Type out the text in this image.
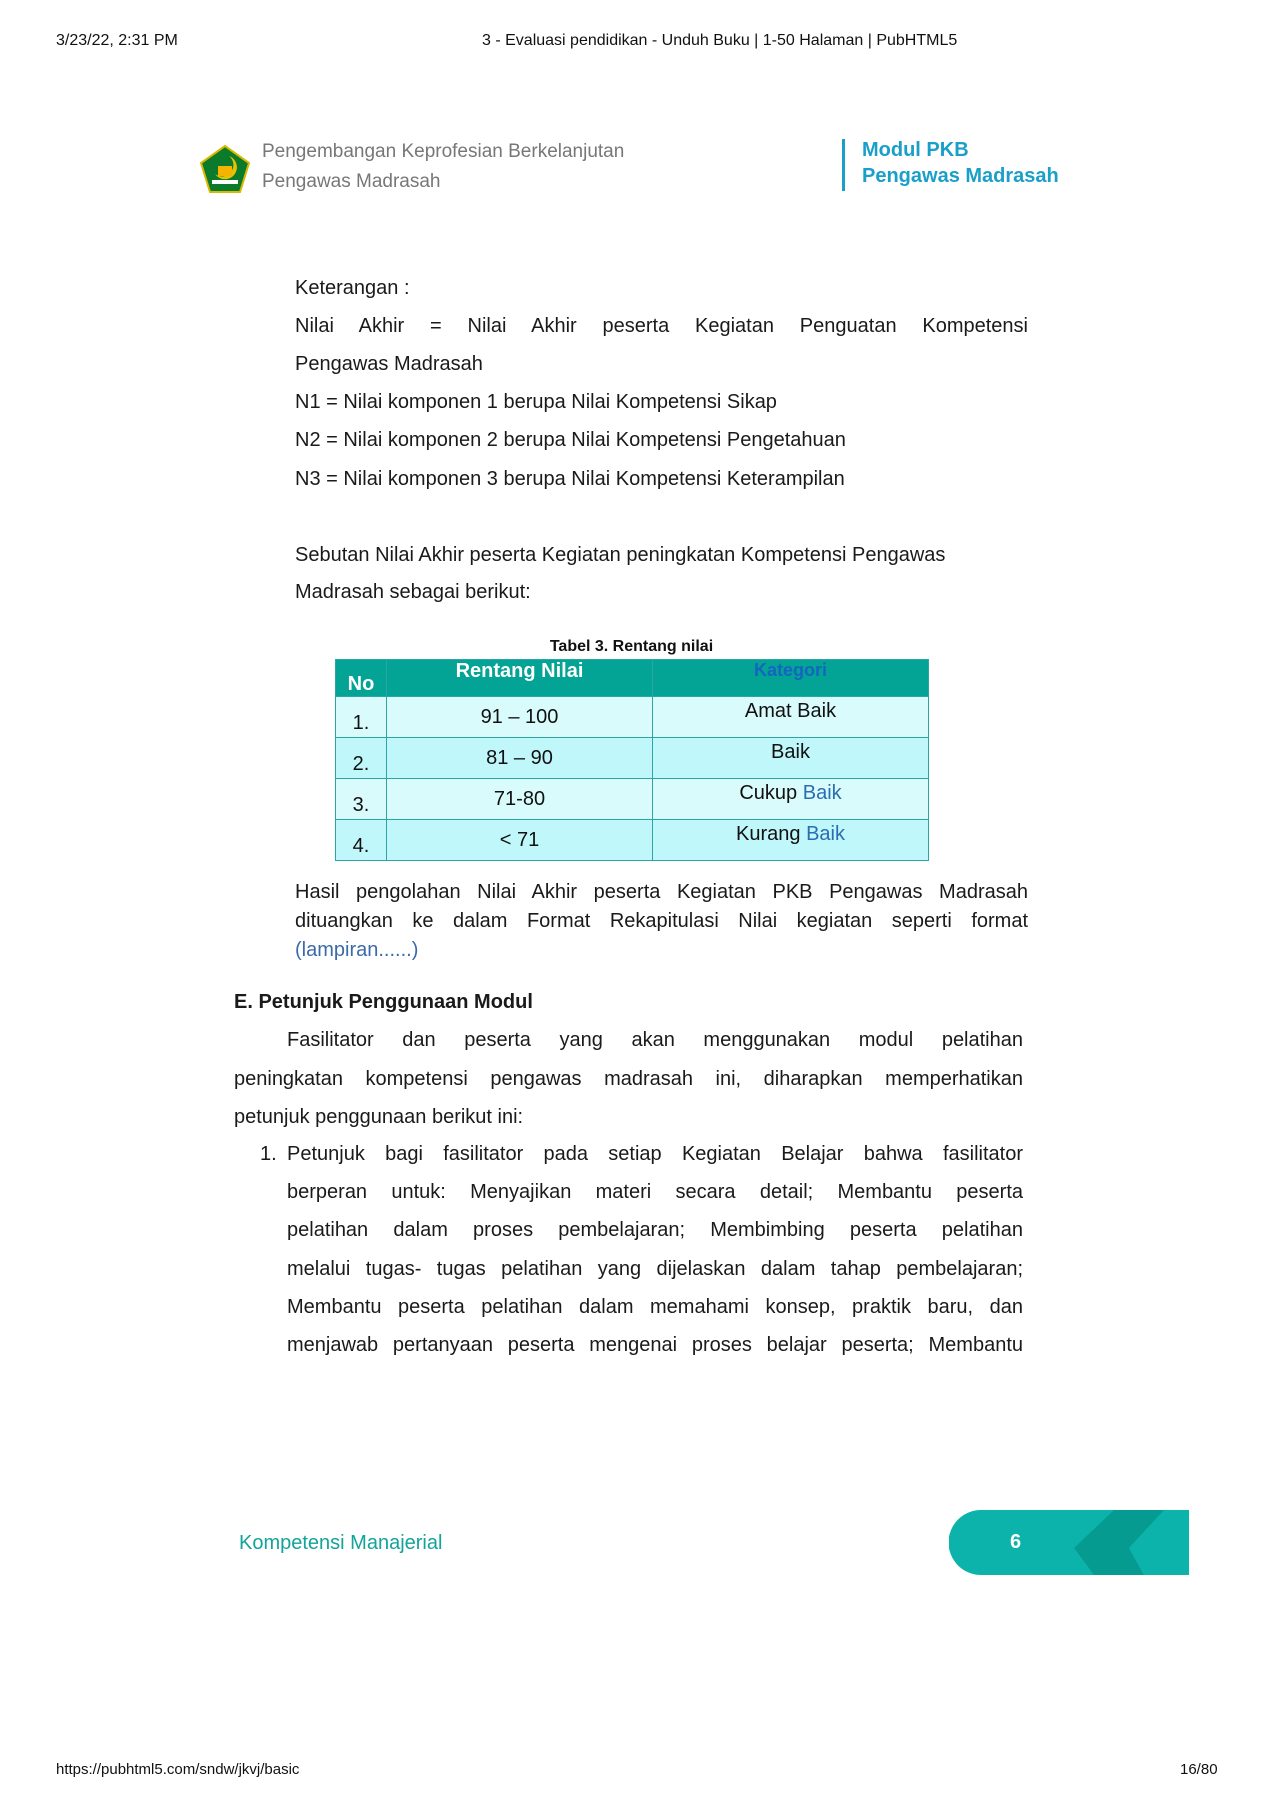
3/23/22, 2:31 PM	3 - Evaluasi pendidikan - Unduh Buku | 1-50 Halaman | PubHTML5
Pengembangan Keprofesian Berkelanjutan
Pengawas Madrasah
Modul PKB
Pengawas Madrasah
Keterangan :
Nilai Akhir = Nilai Akhir peserta Kegiatan Penguatan Kompetensi
Pengawas Madrasah
N1 = Nilai komponen 1 berupa Nilai Kompetensi Sikap
N2 = Nilai komponen 2 berupa Nilai Kompetensi Pengetahuan
N3 = Nilai komponen 3 berupa Nilai Kompetensi Keterampilan
Sebutan Nilai Akhir peserta Kegiatan peningkatan Kompetensi Pengawas
Madrasah sebagai berikut:
Tabel 3. Rentang nilai
No	Rentang Nilai	Kategori
1.	91 – 100	Amat Baik
2.	81 – 90	Baik
3.	71-80	Cukup Baik
4.	< 71	Kurang Baik
Hasil pengolahan Nilai Akhir peserta Kegiatan PKB Pengawas Madrasah
dituangkan ke dalam Format Rekapitulasi Nilai kegiatan seperti format
(lampiran......)
E. Petunjuk Penggunaan Modul
Fasilitator dan peserta yang akan menggunakan modul pelatihan
peningkatan kompetensi pengawas madrasah ini, diharapkan memperhatikan
petunjuk penggunaan berikut ini:
1. Petunjuk bagi fasilitator pada setiap Kegiatan Belajar bahwa fasilitator
berperan untuk: Menyajikan materi secara detail; Membantu peserta
pelatihan dalam proses pembelajaran; Membimbing peserta pelatihan
melalui tugas- tugas pelatihan yang dijelaskan dalam tahap pembelajaran;
Membantu peserta pelatihan dalam memahami konsep, praktik baru, dan
menjawab pertanyaan peserta mengenai proses belajar peserta; Membantu
Kompetensi Manajerial	6
https://pubhtml5.com/sndw/jkvj/basic	16/80
